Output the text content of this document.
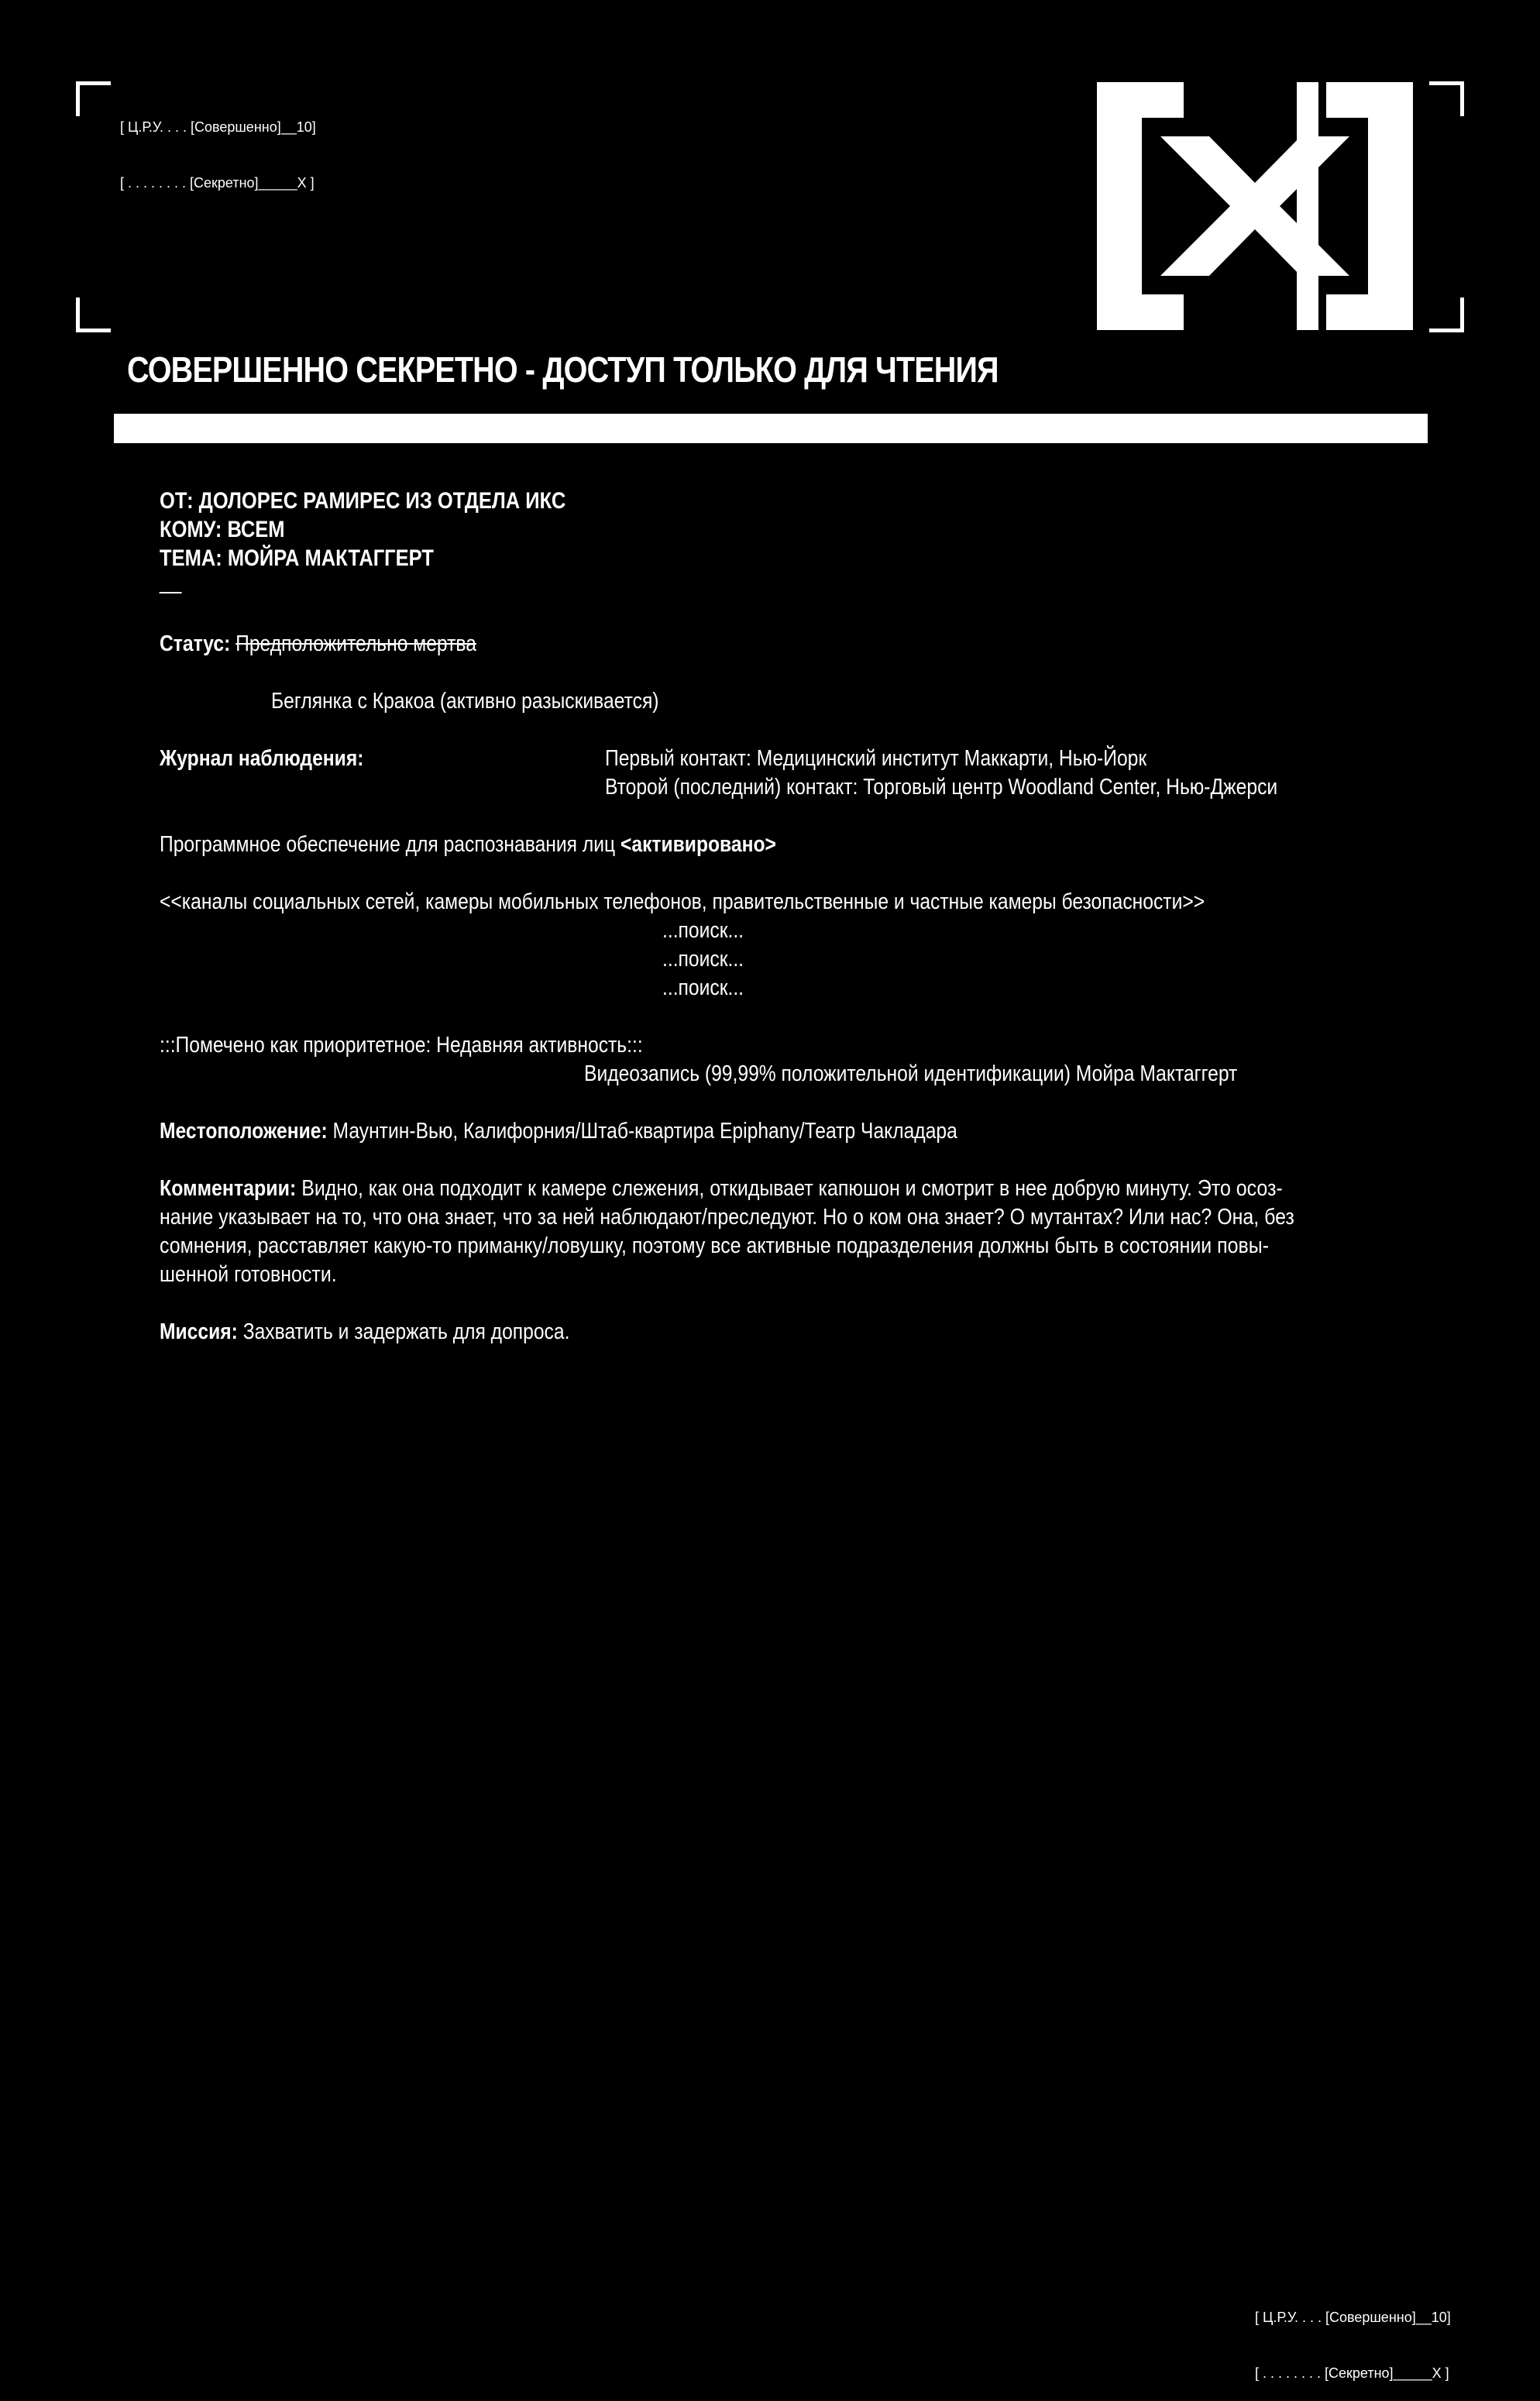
[ Ц.Р.У. . . . [Совершенно]__10]

[ . . . . . . . . [Секретно]_____X ]

СОВЕРШЕННО СЕКРЕТНО - ДОСТУП ТОЛЬКО ДЛЯ ЧТЕНИЯ
ОТ: ДОЛОРЕС РАМИРЕС ИЗ ОТДЕЛА ИКС
КОМУ: ВСЕМ
ТЕМА: МОЙРА МАКТАГГЕРТ
__
Статус: Предположительно мертва
Беглянка с Кракоа (активно разыскивается)
Журнал наблюдения:	Первый контакт: Медицинский институт Маккарти, Нью-Йорк
Второй (последний) контакт: Торговый центр Woodland Center, Нью-Джерси
Программное обеспечение для распознавания лиц <активировано>
<<каналы социальных сетей, камеры мобильных телефонов, правительственные и частные камеры безопасности>>
...поиск...
...поиск...
...поиск...
:::Помечено как приоритетное: Недавняя активность:::
Видеозапись (99,99% положительной идентификации) Мойра Мактаггерт
Местоположение: Маунтин-Вью, Калифорния/Штаб-квартира Epiphany/Театр Чакладара
Комментарии: Видно, как она подходит к камере слежения, откидывает капюшон и смотрит в нее добрую минуту. Это осоз-
нание указывает на то, что она знает, что за ней наблюдают/преследуют. Но о ком она знает? О мутантах? Или нас? Она, без
сомнения, расставляет какую-то приманку/ловушку, поэтому все активные подразделения должны быть в состоянии повы-
шенной готовности.
Миссия: Захватить и задержать для допроса.

[ Ц.Р.У. . . . [Совершенно]__10]

[ . . . . . . . . [Секретно]_____X ]
